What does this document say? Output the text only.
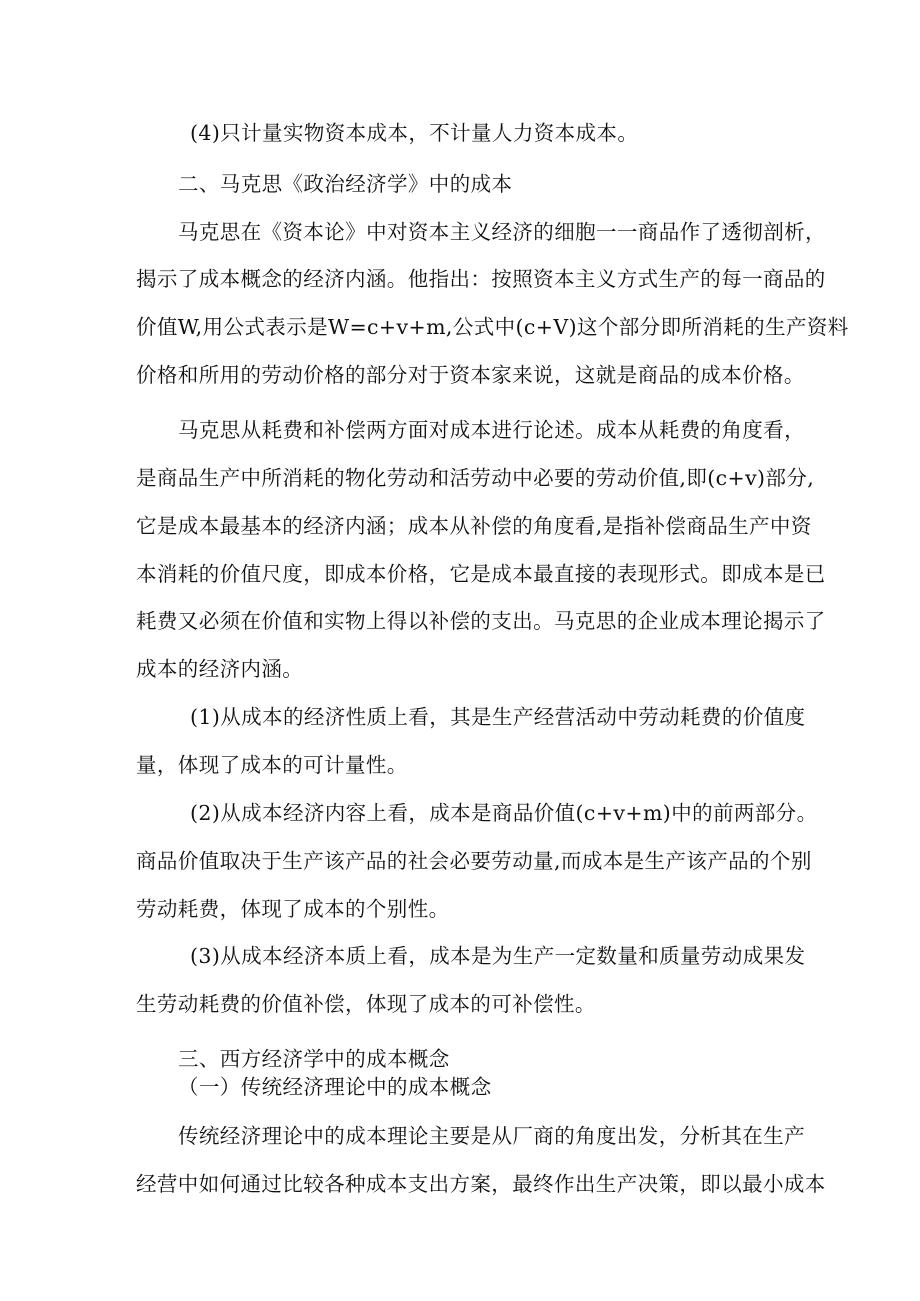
(4)只计量实物资本成本，不计量人力资本成本。
二、马克思《政治经济学》中的成本
马克思在《资本论》中对资本主义经济的细胞一一商品作了透彻剖析，
揭示了成本概念的经济内涵。他指出：按照资本主义方式生产的每一商品的
价值W,用公式表示是W=c+v+m,公式中(c+V)这个部分即所消耗的生产资料
价格和所用的劳动价格的部分对于资本家来说，这就是商品的成本价格。
马克思从耗费和补偿两方面对成本进行论述。成本从耗费的角度看，
是商品生产中所消耗的物化劳动和活劳动中必要的劳动价值,即(c+v)部分,
它是成本最基本的经济内涵；成本从补偿的角度看,是指补偿商品生产中资
本消耗的价值尺度，即成本价格，它是成本最直接的表现形式。即成本是已
耗费又必须在价值和实物上得以补偿的支出。马克思的企业成本理论揭示了
成本的经济内涵。
(1)从成本的经济性质上看，其是生产经营活动中劳动耗费的价值度
量，体现了成本的可计量性。
(2)从成本经济内容上看，成本是商品价值(c+v+m)中的前两部分。
商品价值取决于生产该产品的社会必要劳动量,而成本是生产该产品的个别
劳动耗费，体现了成本的个别性。
(3)从成本经济本质上看，成本是为生产一定数量和质量劳动成果发
生劳动耗费的价值补偿，体现了成本的可补偿性。
三、西方经济学中的成本概念
（一）传统经济理论中的成本概念
传统经济理论中的成本理论主要是从厂商的角度出发，分析其在生产
经营中如何通过比较各种成本支出方案，最终作出生产决策，即以最小成本
